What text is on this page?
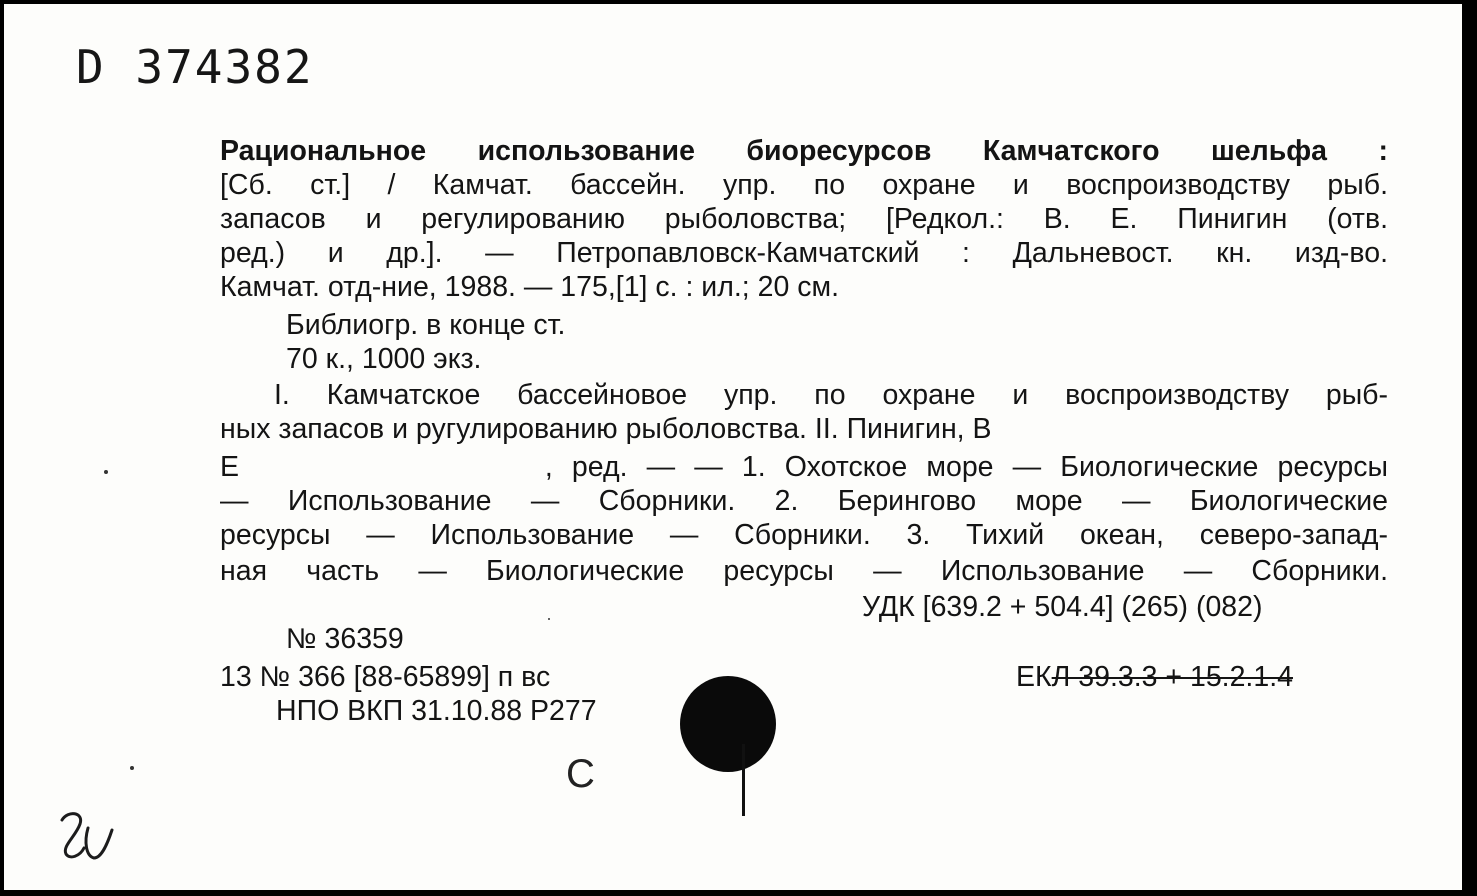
D 374382
Рациональное использование биоресурсов Камчатского шельфа :
[Сб. ст.] / Камчат. бассейн. упр. по охране и воспроизводству рыб.
запасов и регулированию рыболовства; [Редкол.: В. Е. Пинигин (отв.
ред.) и др.]. — Петропавловск-Камчатский : Дальневост. кн. изд-во.
Камчат. отд-ние, 1988. — 175,[1] с. : ил.; 20 см.
Библиогр. в конце ст.
70 к., 1000 экз.
I. Камчатское бассейновое упр. по охране и воспроизводству рыб-
ных запасов и ругулированию рыболовства. II. Пинигин, В
Е                , ред. — — 1. Охотское море — Биологические ресурсы
— Использование — Сборники. 2. Берингово море — Биологические
ресурсы — Использование — Сборники. 3. Тихий океан, северо-запад-
ная часть — Биологические ресурсы — Использование — Сборники.
УДК [639.2 + 504.4] (265) (082)
№ 36359
13 № 366 [88-65899] п вс
НПО ВКП 31.10.88 Р277
ЕКЛ 39.3.3 + 15.2.1.4
С
